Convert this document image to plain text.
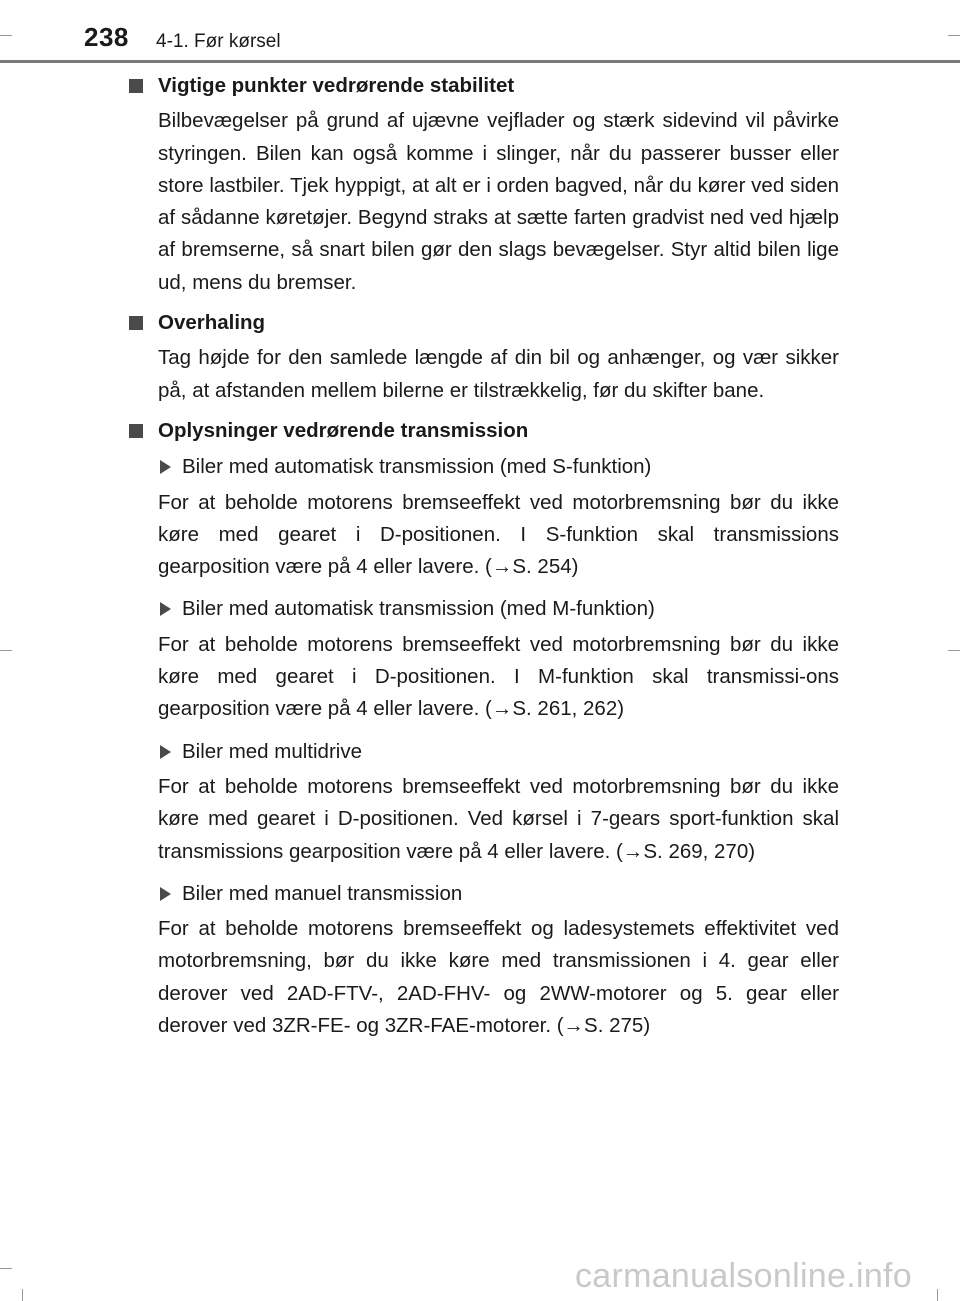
238 4-1. Før kørsel

Vigtige punkter vedrørende stabilitet

Bilbevægelser på grund af ujævne vejflader og stærk sidevind vil påvirke styringen. Bilen kan også komme i slinger, når du passerer busser eller store lastbiler. Tjek hyppigt, at alt er i orden bagved, når du kører ved siden af sådanne køretøjer. Begynd straks at sætte farten gradvist ned ved hjælp af bremserne, så snart bilen gør den slags bevægelser. Styr altid bilen lige ud, mens du bremser.

Overhaling

Tag højde for den samlede længde af din bil og anhænger, og vær sikker på, at afstanden mellem bilerne er tilstrækkelig, før du skifter bane.

Oplysninger vedrørende transmission

Biler med automatisk transmission (med S-funktion)

For at beholde motorens bremseeffekt ved motorbremsning bør du ikke køre med gearet i D-positionen. I S-funktion skal transmissions gearposition være på 4 eller lavere. (→S. 254)

Biler med automatisk transmission (med M-funktion)

For at beholde motorens bremseeffekt ved motorbremsning bør du ikke køre med gearet i D-positionen. I M-funktion skal transmissi-ons gearposition være på 4 eller lavere. (→S. 261, 262)

Biler med multidrive

For at beholde motorens bremseeffekt ved motorbremsning bør du ikke køre med gearet i D-positionen. Ved kørsel i 7-gears sport-funktion skal transmissions gearposition være på 4 eller lavere. (→S. 269, 270)

Biler med manuel transmission

For at beholde motorens bremseeffekt og ladesystemets effektivitet ved motorbremsning, bør du ikke køre med transmissionen i 4. gear eller derover ved 2AD-FTV-, 2AD-FHV- og 2WW-motorer og 5. gear eller derover ved 3ZR-FE- og 3ZR-FAE-motorer. (→S. 275)

carmanualsonline.info
